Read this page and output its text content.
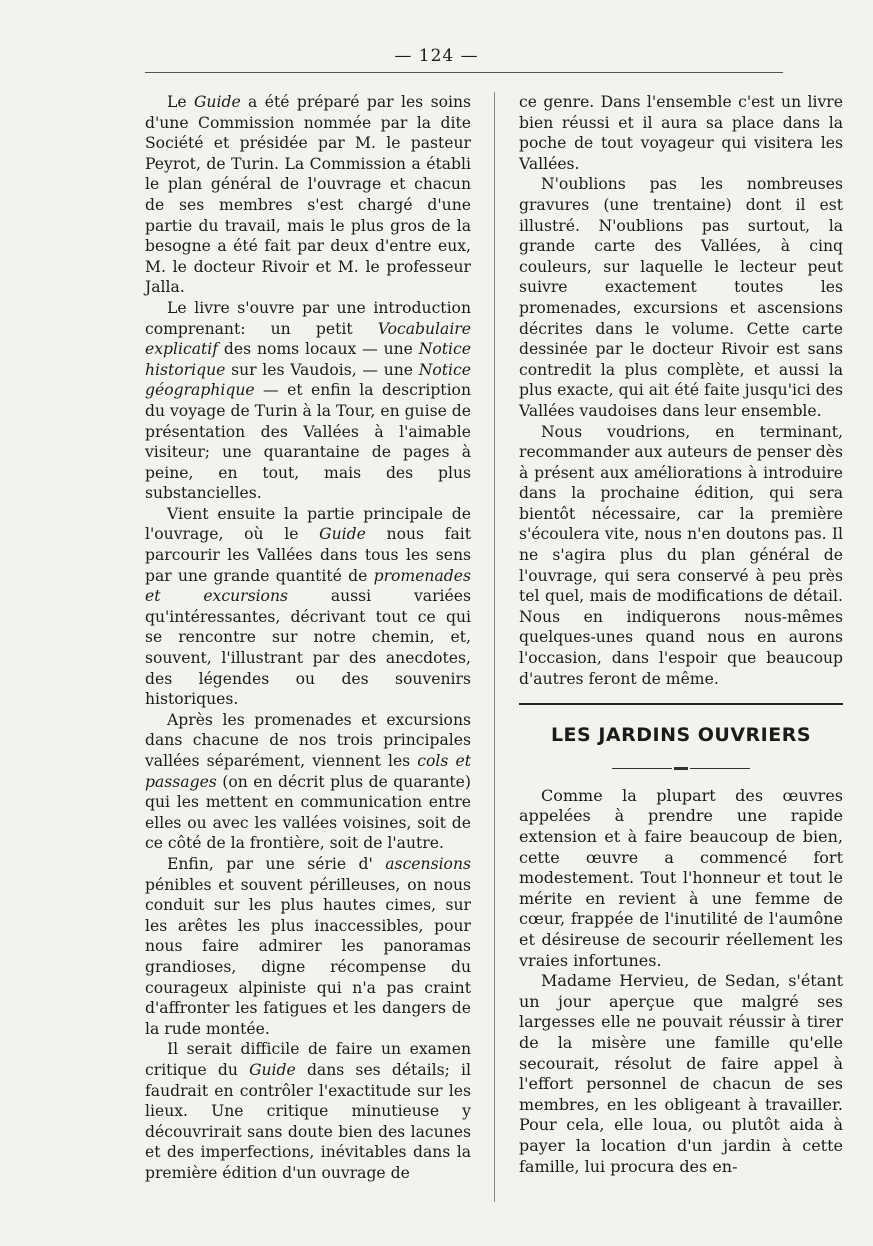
— 124 —

Le Guide a été préparé par les soins d'une Commission nommée par la dite Société et présidée par M. le pasteur Peyrot, de Turin. La Commission a établi le plan général de l'ouvrage et chacun de ses membres s'est chargé d'une partie du travail, mais le plus gros de la besogne a été fait par deux d'entre eux, M. le docteur Rivoir et M. le professeur Jalla.

Le livre s'ouvre par une introduction comprenant: un petit Vocabulaire explicatif des noms locaux — une Notice historique sur les Vaudois, — une Notice géographique — et enfin la description du voyage de Turin à la Tour, en guise de présentation des Vallées à l'aimable visiteur; une quarantaine de pages à peine, en tout, mais des plus substancielles.

Vient ensuite la partie principale de l'ouvrage, où le Guide nous fait parcourir les Vallées dans tous les sens par une grande quantité de promenades et excursions aussi variées qu'intéressantes, décrivant tout ce qui se rencontre sur notre chemin, et, souvent, l'illustrant par des anecdotes, des légendes ou des souvenirs historiques.

Après les promenades et excursions dans chacune de nos trois principales vallées séparément, viennent les cols et passages (on en décrit plus de quarante) qui les mettent en communication entre elles ou avec les vallées voisines, soit de ce côté de la frontière, soit de l'autre.

Enfin, par une série d' ascensions pénibles et souvent périlleuses, on nous conduit sur les plus hautes cimes, sur les arêtes les plus inaccessibles, pour nous faire admirer les panoramas grandioses, digne récompense du courageux alpiniste qui n'a pas craint d'affronter les fatigues et les dangers de la rude montée.

Il serait difficile de faire un examen critique du Guide dans ses détails; il faudrait en contrôler l'exactitude sur les lieux. Une critique minutieuse y découvrirait sans doute bien des lacunes et des imperfections, inévitables dans la première édition d'un ouvrage de

ce genre. Dans l'ensemble c'est un livre bien réussi et il aura sa place dans la poche de tout voyageur qui visitera les Vallées.

N'oublions pas les nombreuses gravures (une trentaine) dont il est illustré. N'oublions pas surtout, la grande carte des Vallées, à cinq couleurs, sur laquelle le lecteur peut suivre exactement toutes les promenades, excursions et ascensions décrites dans le volume. Cette carte dessinée par le docteur Rivoir est sans contredit la plus complète, et aussi la plus exacte, qui ait été faite jusqu'ici des Vallées vaudoises dans leur ensemble.

Nous voudrions, en terminant, recommander aux auteurs de penser dès à présent aux améliorations à introduire dans la prochaine édition, qui sera bientôt nécessaire, car la première s'écoulera vite, nous n'en doutons pas. Il ne s'agira plus du plan général de l'ouvrage, qui sera conservé à peu près tel quel, mais de modifications de détail. Nous en indiquerons nous-mêmes quelques-unes quand nous en aurons l'occasion, dans l'espoir que beaucoup d'autres feront de même.

LES JARDINS OUVRIERS

Comme la plupart des œuvres appelées à prendre une rapide extension et à faire beaucoup de bien, cette œuvre a commencé fort modestement. Tout l'honneur et tout le mérite en revient à une femme de cœur, frappée de l'inutilité de l'aumône et désireuse de secourir réellement les vraies infortunes.

Madame Hervieu, de Sedan, s'étant un jour aperçue que malgré ses largesses elle ne pouvait réussir à tirer de la misère une famille qu'elle secourait, résolut de faire appel à l'effort personnel de chacun de ses membres, en les obligeant à travailler. Pour cela, elle loua, ou plutôt aida à payer la location d'un jardin à cette famille, lui procura des en-
